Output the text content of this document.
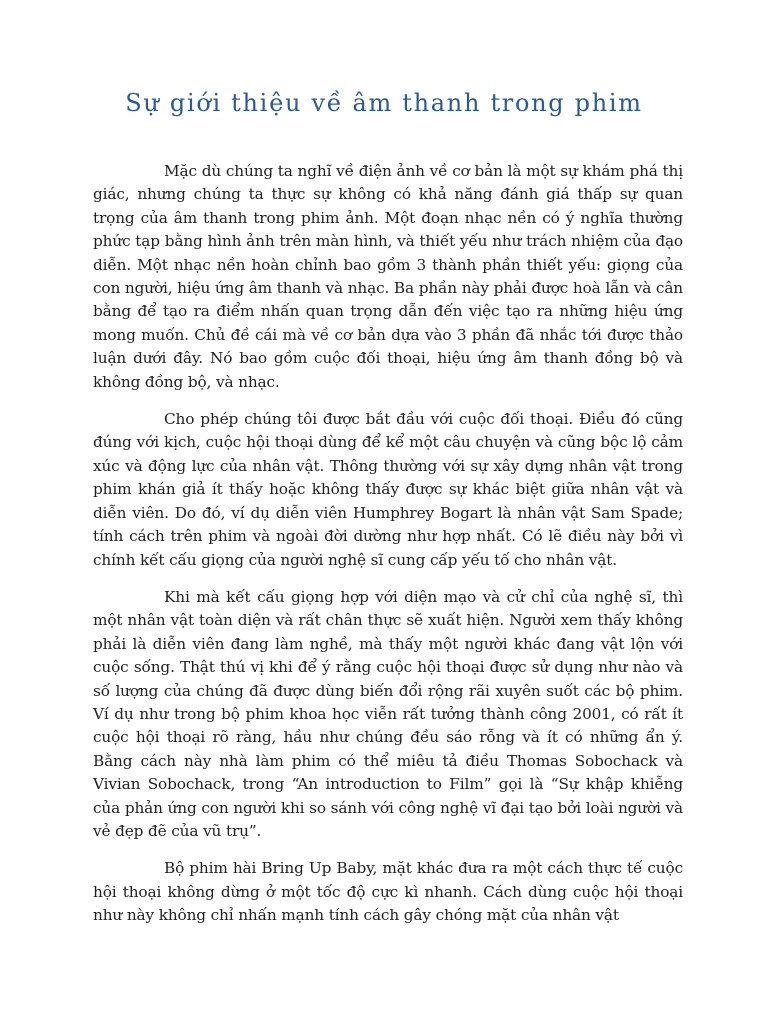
Sự giới thiệu về âm thanh trong phim

Mặc dù chúng ta nghĩ về điện ảnh về cơ bản là một sự khám phá thị giác, nhưng chúng ta thực sự không có khả năng đánh giá thấp sự quan trọng của âm thanh trong phim ảnh. Một đoạn nhạc nền có ý nghĩa thường phức tạp bằng hình ảnh trên màn hình, và thiết yếu như trách nhiệm của đạo diễn. Một nhạc nền hoàn chỉnh bao gồm 3 thành phần thiết yếu: giọng của con người, hiệu ứng âm thanh và nhạc. Ba phần này phải được hoà lẫn và cân bằng để tạo ra điểm nhấn quan trọng dẫn đến việc tạo ra những hiệu ứng mong muốn. Chủ đề cái mà về cơ bản dựa vào 3 phần đã nhắc tới được thảo luận dưới đây. Nó bao gồm cuộc đối thoại, hiệu ứng âm thanh đồng bộ và không đồng bộ, và nhạc.

Cho phép chúng tôi được bắt đầu với cuộc đối thoại. Điều đó cũng đúng với kịch, cuộc hội thoại dùng để kể một câu chuyện và cũng bộc lộ cảm xúc và động lực của nhân vật. Thông thường với sự xây dựng nhân vật trong phim khán giả ít thấy hoặc không thấy được sự khác biệt giữa nhân vật và diễn viên. Do đó, ví dụ diễn viên Humphrey Bogart là nhân vật Sam Spade; tính cách trên phim và ngoài đời dường như hợp nhất. Có lẽ điều này bởi vì chính kết cấu giọng của người nghệ sĩ cung cấp yếu tố cho nhân vật.

Khi mà kết cấu giọng hợp với diện mạo và cử chỉ của nghệ sĩ, thì một nhân vật toàn diện và rất chân thực sẽ xuất hiện. Người xem thấy không phải là diễn viên đang làm nghề, mà thấy một người khác đang vật lộn với cuộc sống. Thật thú vị khi để ý rằng cuộc hội thoại được sử dụng như nào và số lượng của chúng đã được dùng biến đổi rộng rãi xuyên suốt các bộ phim. Ví dụ như trong bộ phim khoa học viễn rất tưởng thành công 2001, có rất ít cuộc hội thoại rõ ràng, hầu như chúng đều sáo rỗng và ít có những ẩn ý. Bằng cách này nhà làm phim có thể miêu tả điều Thomas Sobochack và Vivian Sobochack, trong “An introduction to Film” gọi là “Sự khập khiễng của phản ứng con người khi so sánh với công nghệ vĩ đại tạo bởi loài người và vẻ đẹp đẽ của vũ trụ”.

Bộ phim hài Bring Up Baby, mặt khác đưa ra một cách thực tế cuộc hội thoại không dừng ở một tốc độ cực kì nhanh. Cách dùng cuộc hội thoại như này không chỉ nhấn mạnh tính cách gây chóng mặt của nhân vật
